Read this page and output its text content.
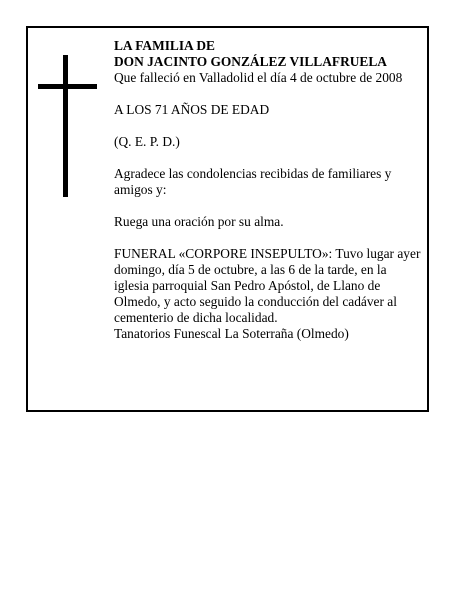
LA FAMILIA DE

DON JACINTO GONZÁLEZ VILLAFRUELA

Que falleció en Valladolid el día 4 de octubre de 2008

A LOS 71 AÑOS DE EDAD

(Q. E. P. D.)

Agradece las condolencias recibidas de familiares y amigos y:

Ruega una oración por su alma.

FUNERAL «CORPORE INSEPULTO»: Tuvo lugar ayer domingo, día 5 de octubre, a las 6 de la tarde, en la iglesia parroquial San Pedro Apóstol, de Llano de Olmedo, y acto seguido la conducción del cadáver al cementerio de dicha localidad.

Tanatorios Funescal La Soterraña (Olmedo)
